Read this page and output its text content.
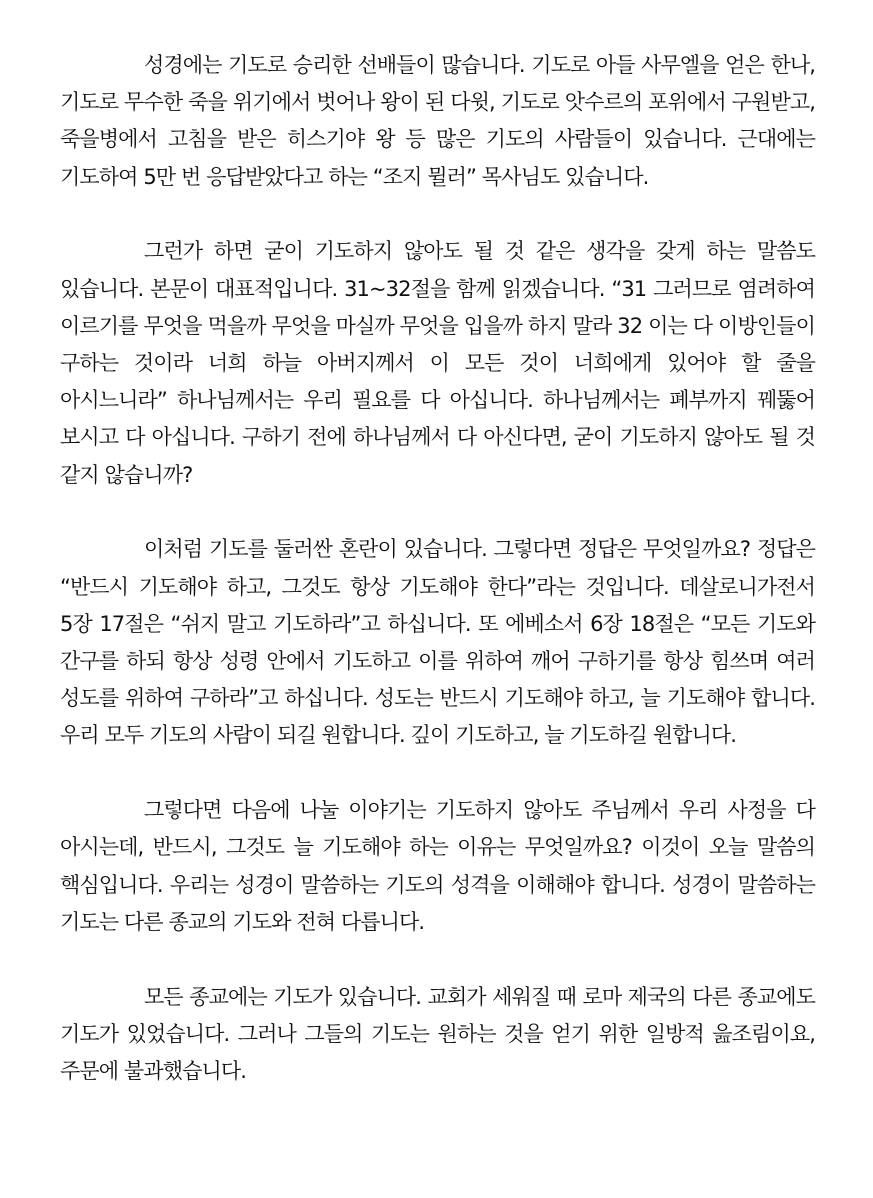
성경에는 기도로 승리한 선배들이 많습니다. 기도로 아들 사무엘을 얻은 한나, 기도로 무수한 죽을 위기에서 벗어나 왕이 된 다윗, 기도로 앗수르의 포위에서 구원받고, 죽을병에서 고침을 받은 히스기야 왕 등 많은 기도의 사람들이 있습니다. 근대에는 기도하여 5만 번 응답받았다고 하는 “조지 뮐러” 목사님도 있습니다.

그런가 하면 굳이 기도하지 않아도 될 것 같은 생각을 갖게 하는 말씀도 있습니다. 본문이 대표적입니다. 31~32절을 함께 읽겠습니다. “31 그러므로 염려하여 이르기를 무엇을 먹을까 무엇을 마실까 무엇을 입을까 하지 말라 32 이는 다 이방인들이 구하는 것이라 너희 하늘 아버지께서 이 모든 것이 너희에게 있어야 할 줄을 아시느니라” 하나님께서는 우리 필요를 다 아십니다. 하나님께서는 폐부까지 꿰뚫어 보시고 다 아십니다. 구하기 전에 하나님께서 다 아신다면, 굳이 기도하지 않아도 될 것 같지 않습니까?

이처럼 기도를 둘러싼 혼란이 있습니다. 그렇다면 정답은 무엇일까요? 정답은 “반드시 기도해야 하고, 그것도 항상 기도해야 한다”라는 것입니다. 데살로니가전서 5장 17절은 “쉬지 말고 기도하라”고 하십니다. 또 에베소서 6장 18절은 “모든 기도와 간구를 하되 항상 성령 안에서 기도하고 이를 위하여 깨어 구하기를 항상 힘쓰며 여러 성도를 위하여 구하라”고 하십니다. 성도는 반드시 기도해야 하고, 늘 기도해야 합니다. 우리 모두 기도의 사람이 되길 원합니다. 깊이 기도하고, 늘 기도하길 원합니다.

그렇다면 다음에 나눌 이야기는 기도하지 않아도 주님께서 우리 사정을 다 아시는데, 반드시, 그것도 늘 기도해야 하는 이유는 무엇일까요? 이것이 오늘 말씀의 핵심입니다. 우리는 성경이 말씀하는 기도의 성격을 이해해야 합니다. 성경이 말씀하는 기도는 다른 종교의 기도와 전혀 다릅니다.

모든 종교에는 기도가 있습니다. 교회가 세워질 때 로마 제국의 다른 종교에도 기도가 있었습니다. 그러나 그들의 기도는 원하는 것을 얻기 위한 일방적 읊조림이요, 주문에 불과했습니다.
